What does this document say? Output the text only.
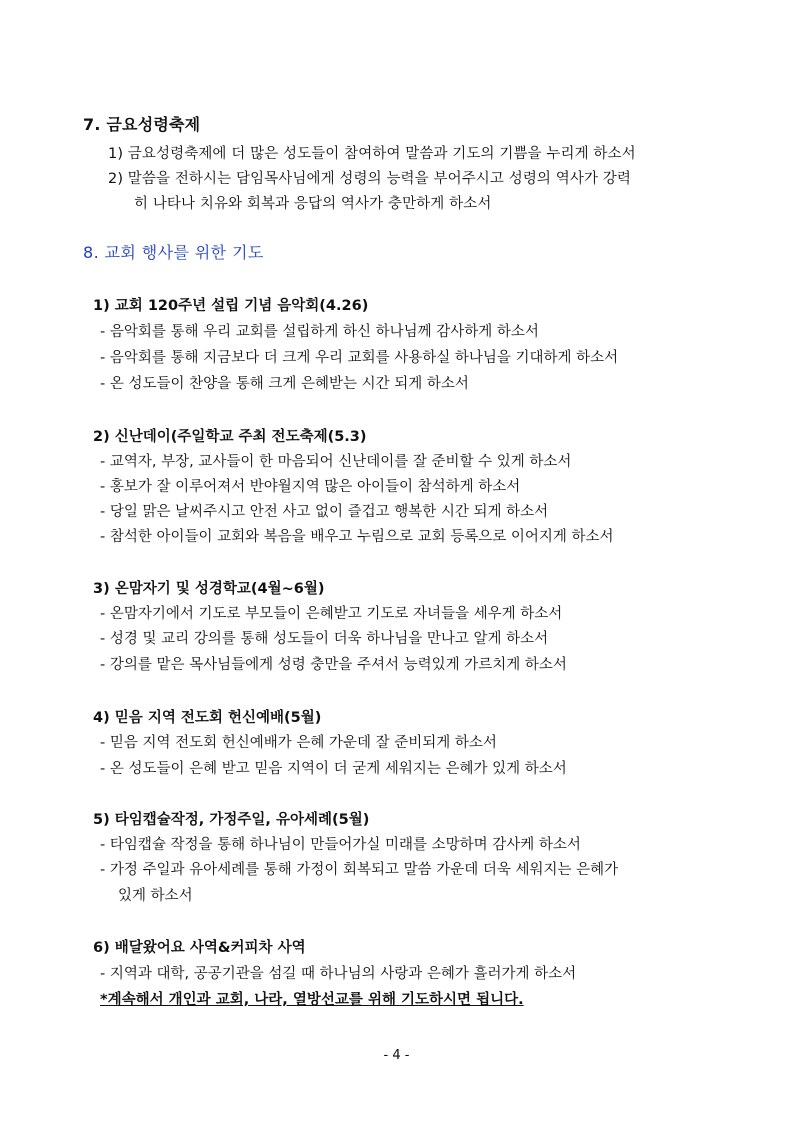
7. 금요성령축제
1) 금요성령축제에 더 많은 성도들이 참여하여 말씀과 기도의 기쁨을 누리게 하소서
2) 말씀을 전하시는 담임목사님에게 성령의 능력을 부어주시고 성령의 역사가 강력
히 나타나 치유와 회복과 응답의 역사가 충만하게 하소서
8. 교회 행사를 위한 기도
1) 교회 120주년 설립 기념 음악회(4.26)
- 음악회를 통해 우리 교회를 설립하게 하신 하나님께 감사하게 하소서
- 음악회를 통해 지금보다 더 크게 우리 교회를 사용하실 하나님을 기대하게 하소서
- 온 성도들이 찬양을 통해 크게 은혜받는 시간 되게 하소서
2) 신난데이(주일학교 주최 전도축제(5.3)
- 교역자, 부장, 교사들이 한 마음되어 신난데이를 잘 준비할 수 있게 하소서
- 홍보가 잘 이루어져서 반야월지역 많은 아이들이 참석하게 하소서
- 당일 맑은 날씨주시고 안전 사고 없이 즐겁고 행복한 시간 되게 하소서
- 참석한 아이들이 교회와 복음을 배우고 누림으로 교회 등록으로 이어지게 하소서
3) 온맘자기 및 성경학교(4월~6월)
- 온맘자기에서 기도로 부모들이 은혜받고 기도로 자녀들을 세우게 하소서
- 성경 및 교리 강의를 통해 성도들이 더욱 하나님을 만나고 알게 하소서
- 강의를 맡은 목사님들에게 성령 충만을 주셔서 능력있게 가르치게 하소서
4) 믿음 지역 전도회 헌신예배(5월)
- 믿음 지역 전도회 헌신예배가 은혜 가운데 잘 준비되게 하소서
- 온 성도들이 은혜 받고 믿음 지역이 더 굳게 세워지는 은혜가 있게 하소서
5) 타임캡슐작정, 가정주일, 유아세례(5월)
- 타임캡슐 작정을 통해 하나님이 만들어가실 미래를 소망하며 감사케 하소서
- 가정 주일과 유아세례를 통해 가정이 회복되고 말씀 가운데 더욱 세워지는 은혜가
있게 하소서
6) 배달왔어요 사역&커피차 사역
- 지역과 대학, 공공기관을 섬길 때 하나님의 사랑과 은혜가 흘러가게 하소서
*계속해서 개인과 교회, 나라, 열방선교를 위해 기도하시면 됩니다.
- 4 -
